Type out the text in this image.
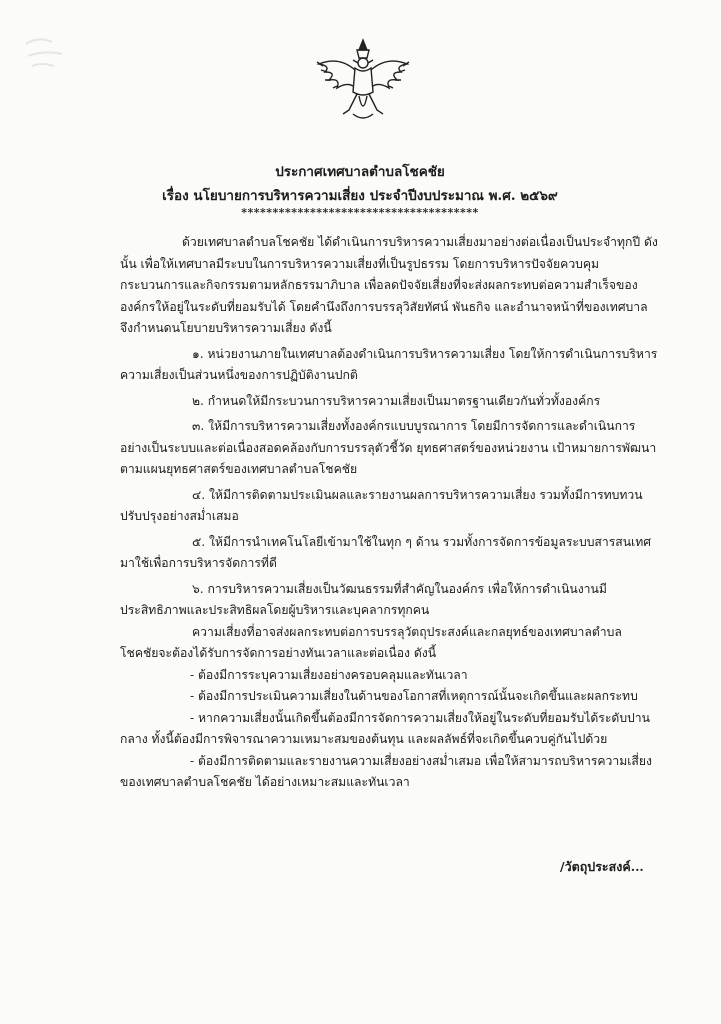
ประกาศเทศบาลตำบลโชคชัย
เรื่อง นโยบายการบริหารความเสี่ยง ประจำปีงบประมาณ พ.ศ. ๒๕๖๙
**************************************

ด้วยเทศบาลตำบลโชคชัย ได้ดำเนินการบริหารความเสี่ยงมาอย่างต่อเนื่องเป็นประจำทุกปี ดังนั้น เพื่อให้เทศบาลมีระบบในการบริหารความเสี่ยงที่เป็นรูปธรรม โดยการบริหารปัจจัยควบคุมกระบวนการและกิจกรรมตามหลักธรรมาภิบาล เพื่อลดปัจจัยเสี่ยงที่จะส่งผลกระทบต่อความสำเร็จขององค์กรให้อยู่ในระดับที่ยอมรับได้ โดยคำนึงถึงการบรรลุวิสัยทัศน์ พันธกิจ และอำนาจหน้าที่ของเทศบาลจึงกำหนดนโยบายบริหารความเสี่ยง ดังนี้

๑. หน่วยงานภายในเทศบาลต้องดำเนินการบริหารความเสี่ยง โดยให้การดำเนินการบริหารความเสี่ยงเป็นส่วนหนึ่งของการปฏิบัติงานปกติ

๒. กำหนดให้มีกระบวนการบริหารความเสี่ยงเป็นมาตรฐานเดียวกันทั่วทั้งองค์กร

๓. ให้มีการบริหารความเสี่ยงทั้งองค์กรแบบบูรณาการ โดยมีการจัดการและดำเนินการอย่างเป็นระบบและต่อเนื่องสอดคล้องกับการบรรลุตัวชี้วัด ยุทธศาสตร์ของหน่วยงาน เป้าหมายการพัฒนาตามแผนยุทธศาสตร์ของเทศบาลตำบลโชคชัย

๔. ให้มีการติดตามประเมินผลและรายงานผลการบริหารความเสี่ยง รวมทั้งมีการทบทวนปรับปรุงอย่างสม่ำเสมอ

๕. ให้มีการนำเทคโนโลยีเข้ามาใช้ในทุก ๆ ด้าน รวมทั้งการจัดการข้อมูลระบบสารสนเทศมาใช้เพื่อการบริหารจัดการที่ดี

๖. การบริหารความเสี่ยงเป็นวัฒนธรรมที่สำคัญในองค์กร เพื่อให้การดำเนินงานมีประสิทธิภาพและประสิทธิผลโดยผู้บริหารและบุคลากรทุกคน

ความเสี่ยงที่อาจส่งผลกระทบต่อการบรรลุวัตถุประสงค์และกลยุทธ์ของเทศบาลตำบลโชคชัยจะต้องได้รับการจัดการอย่างทันเวลาและต่อเนื่อง ดังนี้

- ต้องมีการระบุความเสี่ยงอย่างครอบคลุมและทันเวลา

- ต้องมีการประเมินความเสี่ยงในด้านของโอกาสที่เหตุการณ์นั้นจะเกิดขึ้นและผลกระทบ

- หากความเสี่ยงนั้นเกิดขึ้นต้องมีการจัดการความเสี่ยงให้อยู่ในระดับที่ยอมรับได้ระดับปานกลาง ทั้งนี้ต้องมีการพิจารณาความเหมาะสมของต้นทุน และผลลัพธ์ที่จะเกิดขึ้นควบคู่กันไปด้วย

- ต้องมีการติดตามและรายงานความเสี่ยงอย่างสม่ำเสมอ เพื่อให้สามารถบริหารความเสี่ยงของเทศบาลตำบลโชคชัย ได้อย่างเหมาะสมและทันเวลา

/วัตถุประสงค์...
